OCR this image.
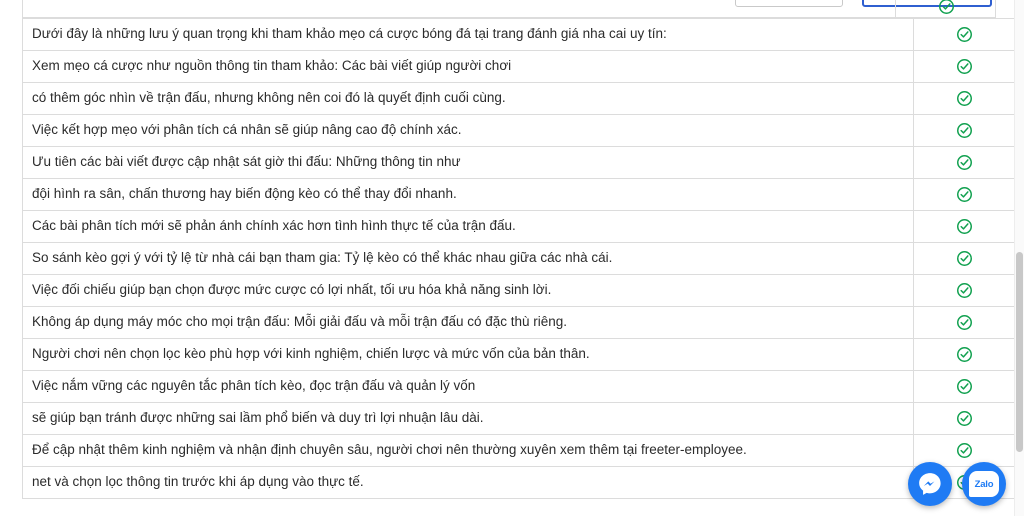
Dưới đây là những lưu ý quan trọng khi tham khảo mẹo cá cược bóng đá tại trang đánh giá nha cai uy tín:	
Xem mẹo cá cược như nguồn thông tin tham khảo: Các bài viết giúp người chơi	
có thêm góc nhìn về trận đấu, nhưng không nên coi đó là quyết định cuối cùng.	
Việc kết hợp mẹo với phân tích cá nhân sẽ giúp nâng cao độ chính xác.	
Ưu tiên các bài viết được cập nhật sát giờ thi đấu: Những thông tin như	
đội hình ra sân, chấn thương hay biến động kèo có thể thay đổi nhanh.	
Các bài phân tích mới sẽ phản ánh chính xác hơn tình hình thực tế của trận đấu.	
So sánh kèo gợi ý với tỷ lệ từ nhà cái bạn tham gia: Tỷ lệ kèo có thể khác nhau giữa các nhà cái.	
Việc đối chiếu giúp bạn chọn được mức cược có lợi nhất, tối ưu hóa khả năng sinh lời.	
Không áp dụng máy móc cho mọi trận đấu: Mỗi giải đấu và mỗi trận đấu có đặc thù riêng.	
Người chơi nên chọn lọc kèo phù hợp với kinh nghiệm, chiến lược và mức vốn của bản thân.	
Việc nắm vững các nguyên tắc phân tích kèo, đọc trận đấu và quản lý vốn	
sẽ giúp bạn tránh được những sai lầm phổ biến và duy trì lợi nhuận lâu dài.	
Để cập nhật thêm kinh nghiệm và nhận định chuyên sâu, người chơi nên thường xuyên xem thêm tại freeter-employee.	
net và chọn lọc thông tin trước khi áp dụng vào thực tế.		Zalo
